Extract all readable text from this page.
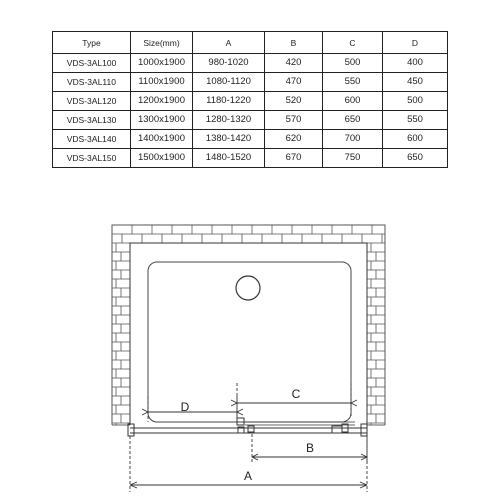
Type	Size(mm)	A	B	C	D
VDS-3AL100	1000x1900	980-1020	420	500	400
VDS-3AL110	1100x1900	1080-1120	470	550	450
VDS-3AL120	1200x1900	1180-1220	520	600	500
VDS-3AL130	1300x1900	1280-1320	570	650	550
VDS-3AL140	1400x1900	1380-1420	620	700	600
VDS-3AL150	1500x1900	1480-1520	670	750	650
D
C
B
A
